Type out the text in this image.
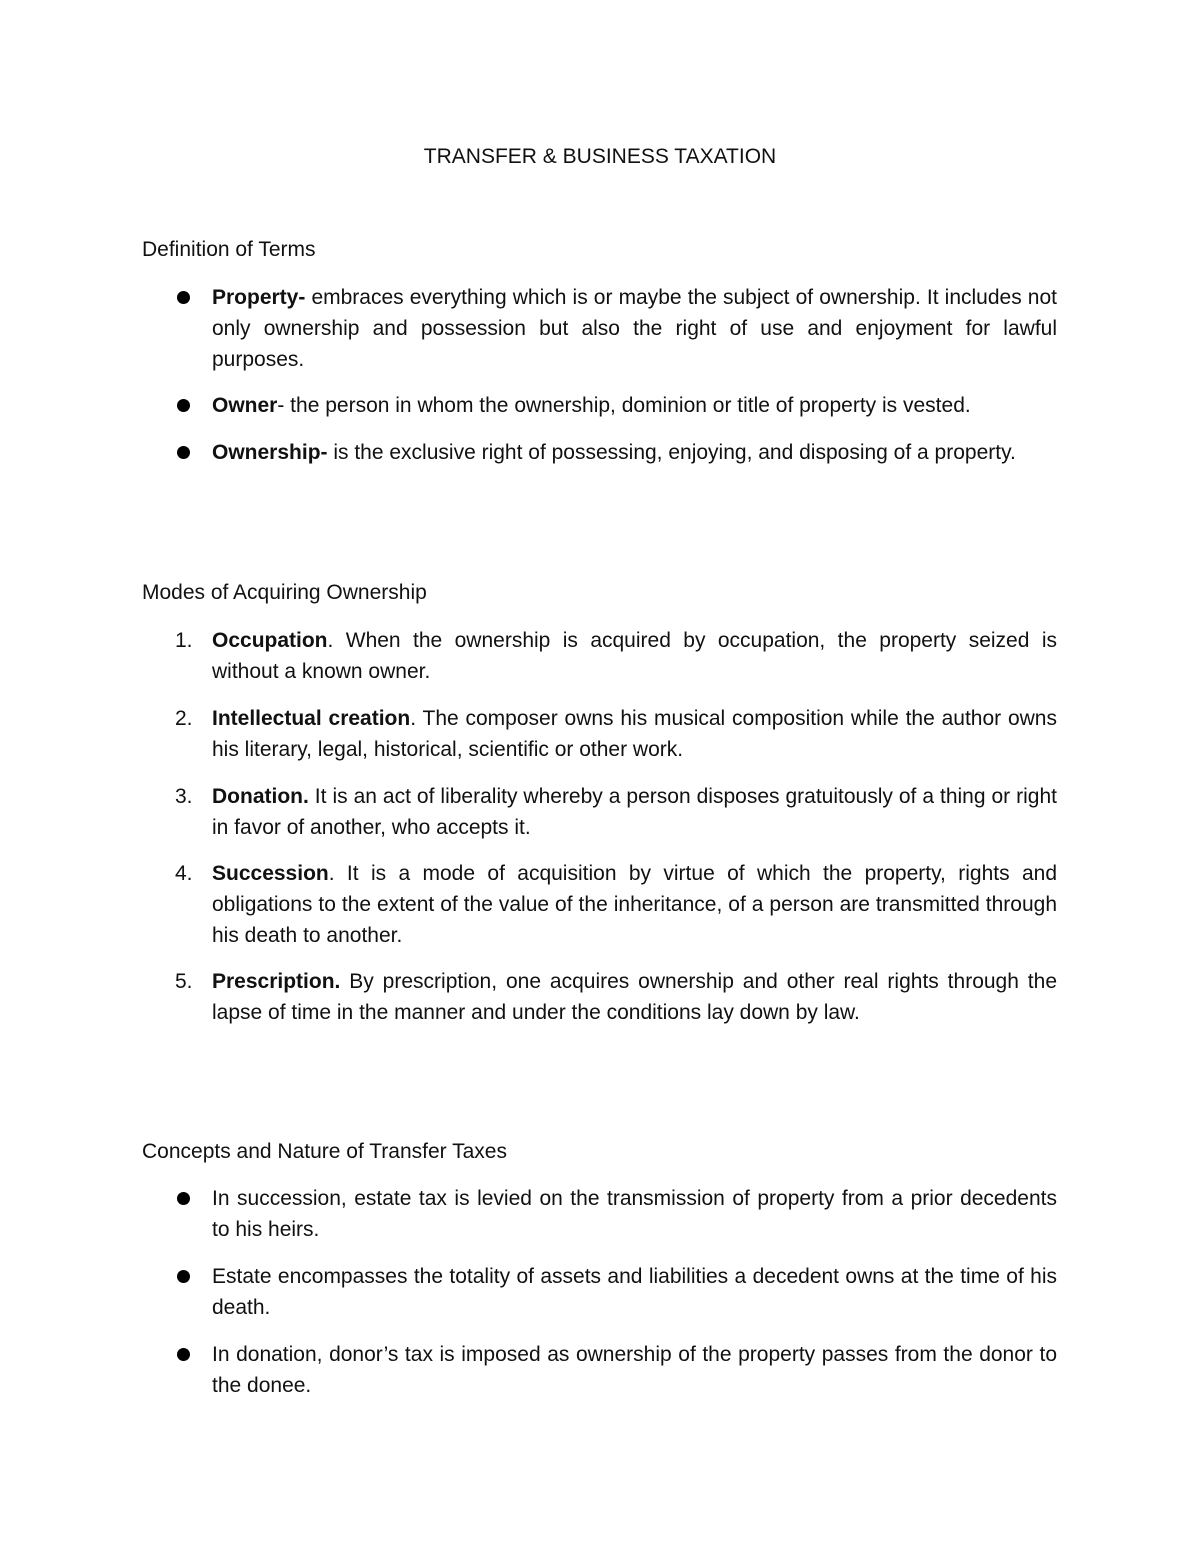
TRANSFER & BUSINESS TAXATION
Definition of Terms
Property- embraces everything which is or maybe the subject of ownership. It includes not only ownership and possession but also the right of use and enjoyment for lawful purposes.
Owner- the person in whom the ownership, dominion or title of property is vested.
Ownership- is the exclusive right of possessing, enjoying, and disposing of a property.
Modes of Acquiring Ownership
1. Occupation. When the ownership is acquired by occupation, the property seized is without a known owner.
2. Intellectual creation. The composer owns his musical composition while the author owns his literary, legal, historical, scientific or other work.
3. Donation. It is an act of liberality whereby a person disposes gratuitously of a thing or right in favor of another, who accepts it.
4. Succession. It is a mode of acquisition by virtue of which the property, rights and obligations to the extent of the value of the inheritance, of a person are transmitted through his death to another.
5. Prescription. By prescription, one acquires ownership and other real rights through the lapse of time in the manner and under the conditions lay down by law.
Concepts and Nature of Transfer Taxes
In succession, estate tax is levied on the transmission of property from a prior decedents to his heirs.
Estate encompasses the totality of assets and liabilities a decedent owns at the time of his death.
In donation, donor’s tax is imposed as ownership of the property passes from the donor to the donee.
